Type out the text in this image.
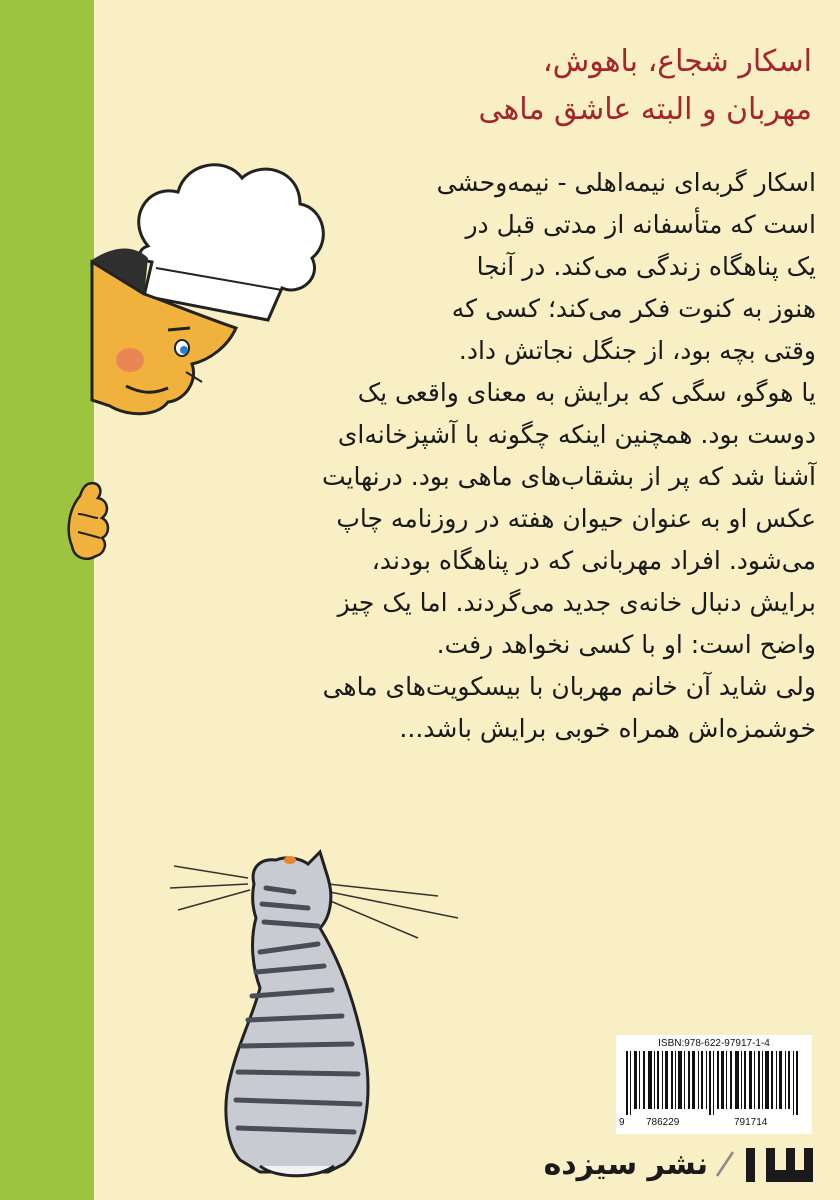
اسکار شجاع، باهوش،
مهربان و البته عاشق ماهی
اسکار گربه‌ای نیمه‌اهلی - نیمه‌وحشی
است که متأسفانه از مدتی قبل در
یک پناهگاه زندگی می‌کند. در آنجا
هنوز به کنوت فکر می‌کند؛ کسی که
وقتی بچه بود، از جنگل نجاتش داد.
یا هوگو، سگی که برایش به معنای واقعی یک
دوست بود. همچنین اینکه چگونه با آشپزخانه‌ای
آشنا شد که پر از بشقاب‌های ماهی بود. درنهایت
عکس او به عنوان حیوان هفته در روزنامه چاپ
می‌شود. افراد مهربانی که در پناهگاه بودند،
برایش دنبال خانه‌ی جدید می‌گردند. اما یک چیز
واضح است: او با کسی نخواهد رفت.
ولی شاید آن خانم مهربان با بیسکویت‌های ماهی
خوشمزه‌اش همراه خوبی برایش باشد...
ISBN:978-622-97917-1-4
9 786229	791714
نشر سیزده
